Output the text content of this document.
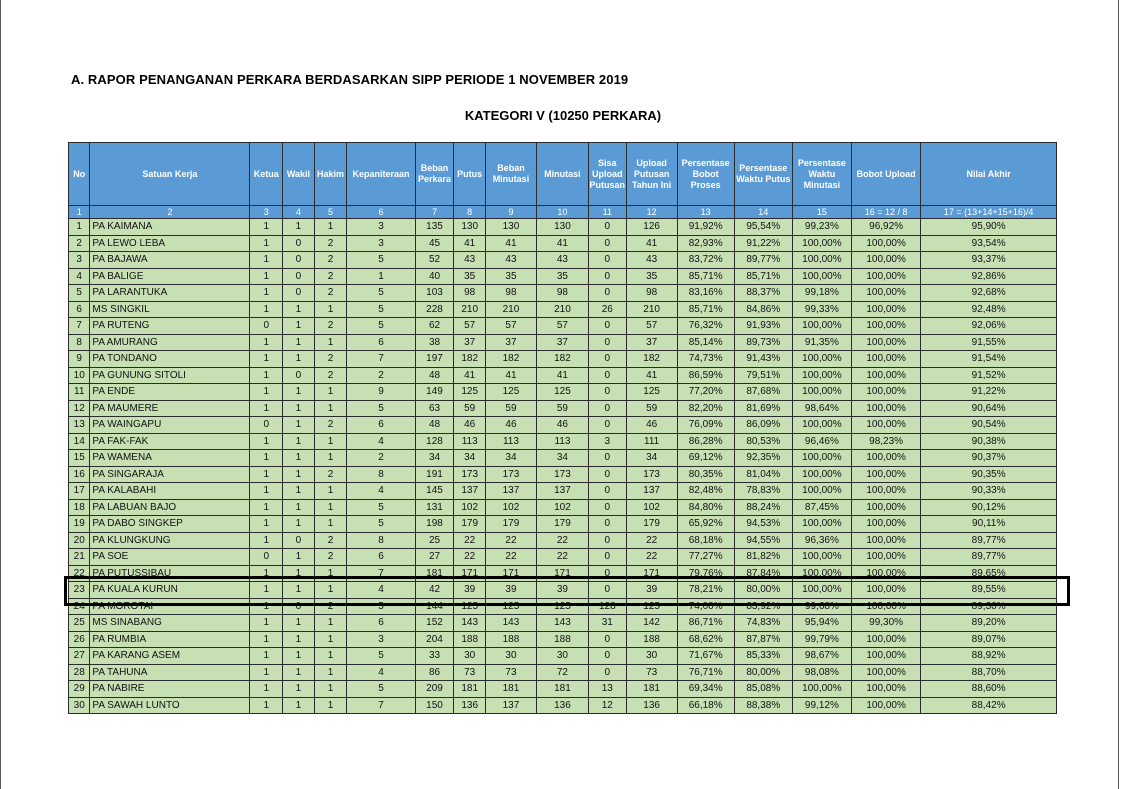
A. RAPOR PENANGANAN PERKARA BERDASARKAN SIPP PERIODE 1 NOVEMBER 2019
KATEGORI V (10250 PERKARA)
No	Satuan Kerja	Ketua	Wakil	Hakim	Kepaniteraan	Beban Perkara	Putus	Beban Minutasi	Minutasi	Sisa Upload Putusan	Upload Putusan Tahun Ini	Persentase Bobot Proses	Persentase Waktu Putus	Persentase Waktu Minutasi	Bobot Upload	Nilai Akhir
1	2	3	4	5	6	7	8	9	10	11	12	13	14	15	16 = 12 / 8	17 = (13+14+15+16)/4
1	PA KAIMANA	1	1	1	3	135	130	130	130	0	126	91,92%	95,54%	99,23%	96,92%	95,90%
2	PA LEWO LEBA	1	0	2	3	45	41	41	41	0	41	82,93%	91,22%	100,00%	100,00%	93,54%
3	PA BAJAWA	1	0	2	5	52	43	43	43	0	43	83,72%	89,77%	100,00%	100,00%	93,37%
4	PA BALIGE	1	0	2	1	40	35	35	35	0	35	85,71%	85,71%	100,00%	100,00%	92,86%
5	PA LARANTUKA	1	0	2	5	103	98	98	98	0	98	83,16%	88,37%	99,18%	100,00%	92,68%
6	MS SINGKIL	1	1	1	5	228	210	210	210	26	210	85,71%	84,86%	99,33%	100,00%	92,48%
7	PA RUTENG	0	1	2	5	62	57	57	57	0	57	76,32%	91,93%	100,00%	100,00%	92,06%
8	PA AMURANG	1	1	1	6	38	37	37	37	0	37	85,14%	89,73%	91,35%	100,00%	91,55%
9	PA TONDANO	1	1	2	7	197	182	182	182	0	182	74,73%	91,43%	100,00%	100,00%	91,54%
10	PA GUNUNG SITOLI	1	0	2	2	48	41	41	41	0	41	86,59%	79,51%	100,00%	100,00%	91,52%
11	PA ENDE	1	1	1	9	149	125	125	125	0	125	77,20%	87,68%	100,00%	100,00%	91,22%
12	PA MAUMERE	1	1	1	5	63	59	59	59	0	59	82,20%	81,69%	98,64%	100,00%	90,64%
13	PA WAINGAPU	0	1	2	6	48	46	46	46	0	46	76,09%	86,09%	100,00%	100,00%	90,54%
14	PA FAK-FAK	1	1	1	4	128	113	113	113	3	111	86,28%	80,53%	96,46%	98,23%	90,38%
15	PA WAMENA	1	1	1	2	34	34	34	34	0	34	69,12%	92,35%	100,00%	100,00%	90,37%
16	PA SINGARAJA	1	1	2	8	191	173	173	173	0	173	80,35%	81,04%	100,00%	100,00%	90,35%
17	PA KALABAHI	1	1	1	4	145	137	137	137	0	137	82,48%	78,83%	100,00%	100,00%	90,33%
18	PA LABUAN BAJO	1	1	1	5	131	102	102	102	0	102	84,80%	88,24%	87,45%	100,00%	90,12%
19	PA DABO SINGKEP	1	1	1	5	198	179	179	179	0	179	65,92%	94,53%	100,00%	100,00%	90,11%
20	PA KLUNGKUNG	1	0	2	8	25	22	22	22	0	22	68,18%	94,55%	96,36%	100,00%	89,77%
21	PA SOE	0	1	2	6	27	22	22	22	0	22	77,27%	81,82%	100,00%	100,00%	89,77%
22	PA PUTUSSIBAU	1	1	1	7	181	171	171	171	0	171	79,76%	87,84%	100,00%	100,00%	89,65%
23	PA KUALA KURUN	1	1	1	4	42	39	39	39	0	39	78,21%	80,00%	100,00%	100,00%	89,55%
24	PA MOROTAI	1	0	2	5	144	125	125	125	128	125	74,00%	83,92%	99,68%	100,00%	89,30%
25	MS SINABANG	1	1	1	6	152	143	143	143	31	142	86,71%	74,83%	95,94%	99,30%	89,20%
26	PA RUMBIA	1	1	1	3	204	188	188	188	0	188	68,62%	87,87%	99,79%	100,00%	89,07%
27	PA KARANG ASEM	1	1	1	5	33	30	30	30	0	30	71,67%	85,33%	98,67%	100,00%	88,92%
28	PA TAHUNA	1	1	1	4	86	73	73	72	0	73	76,71%	80,00%	98,08%	100,00%	88,70%
29	PA NABIRE	1	1	1	5	209	181	181	181	13	181	69,34%	85,08%	100,00%	100,00%	88,60%
30	PA SAWAH LUNTO	1	1	1	7	150	136	137	136	12	136	66,18%	88,38%	99,12%	100,00%	88,42%
